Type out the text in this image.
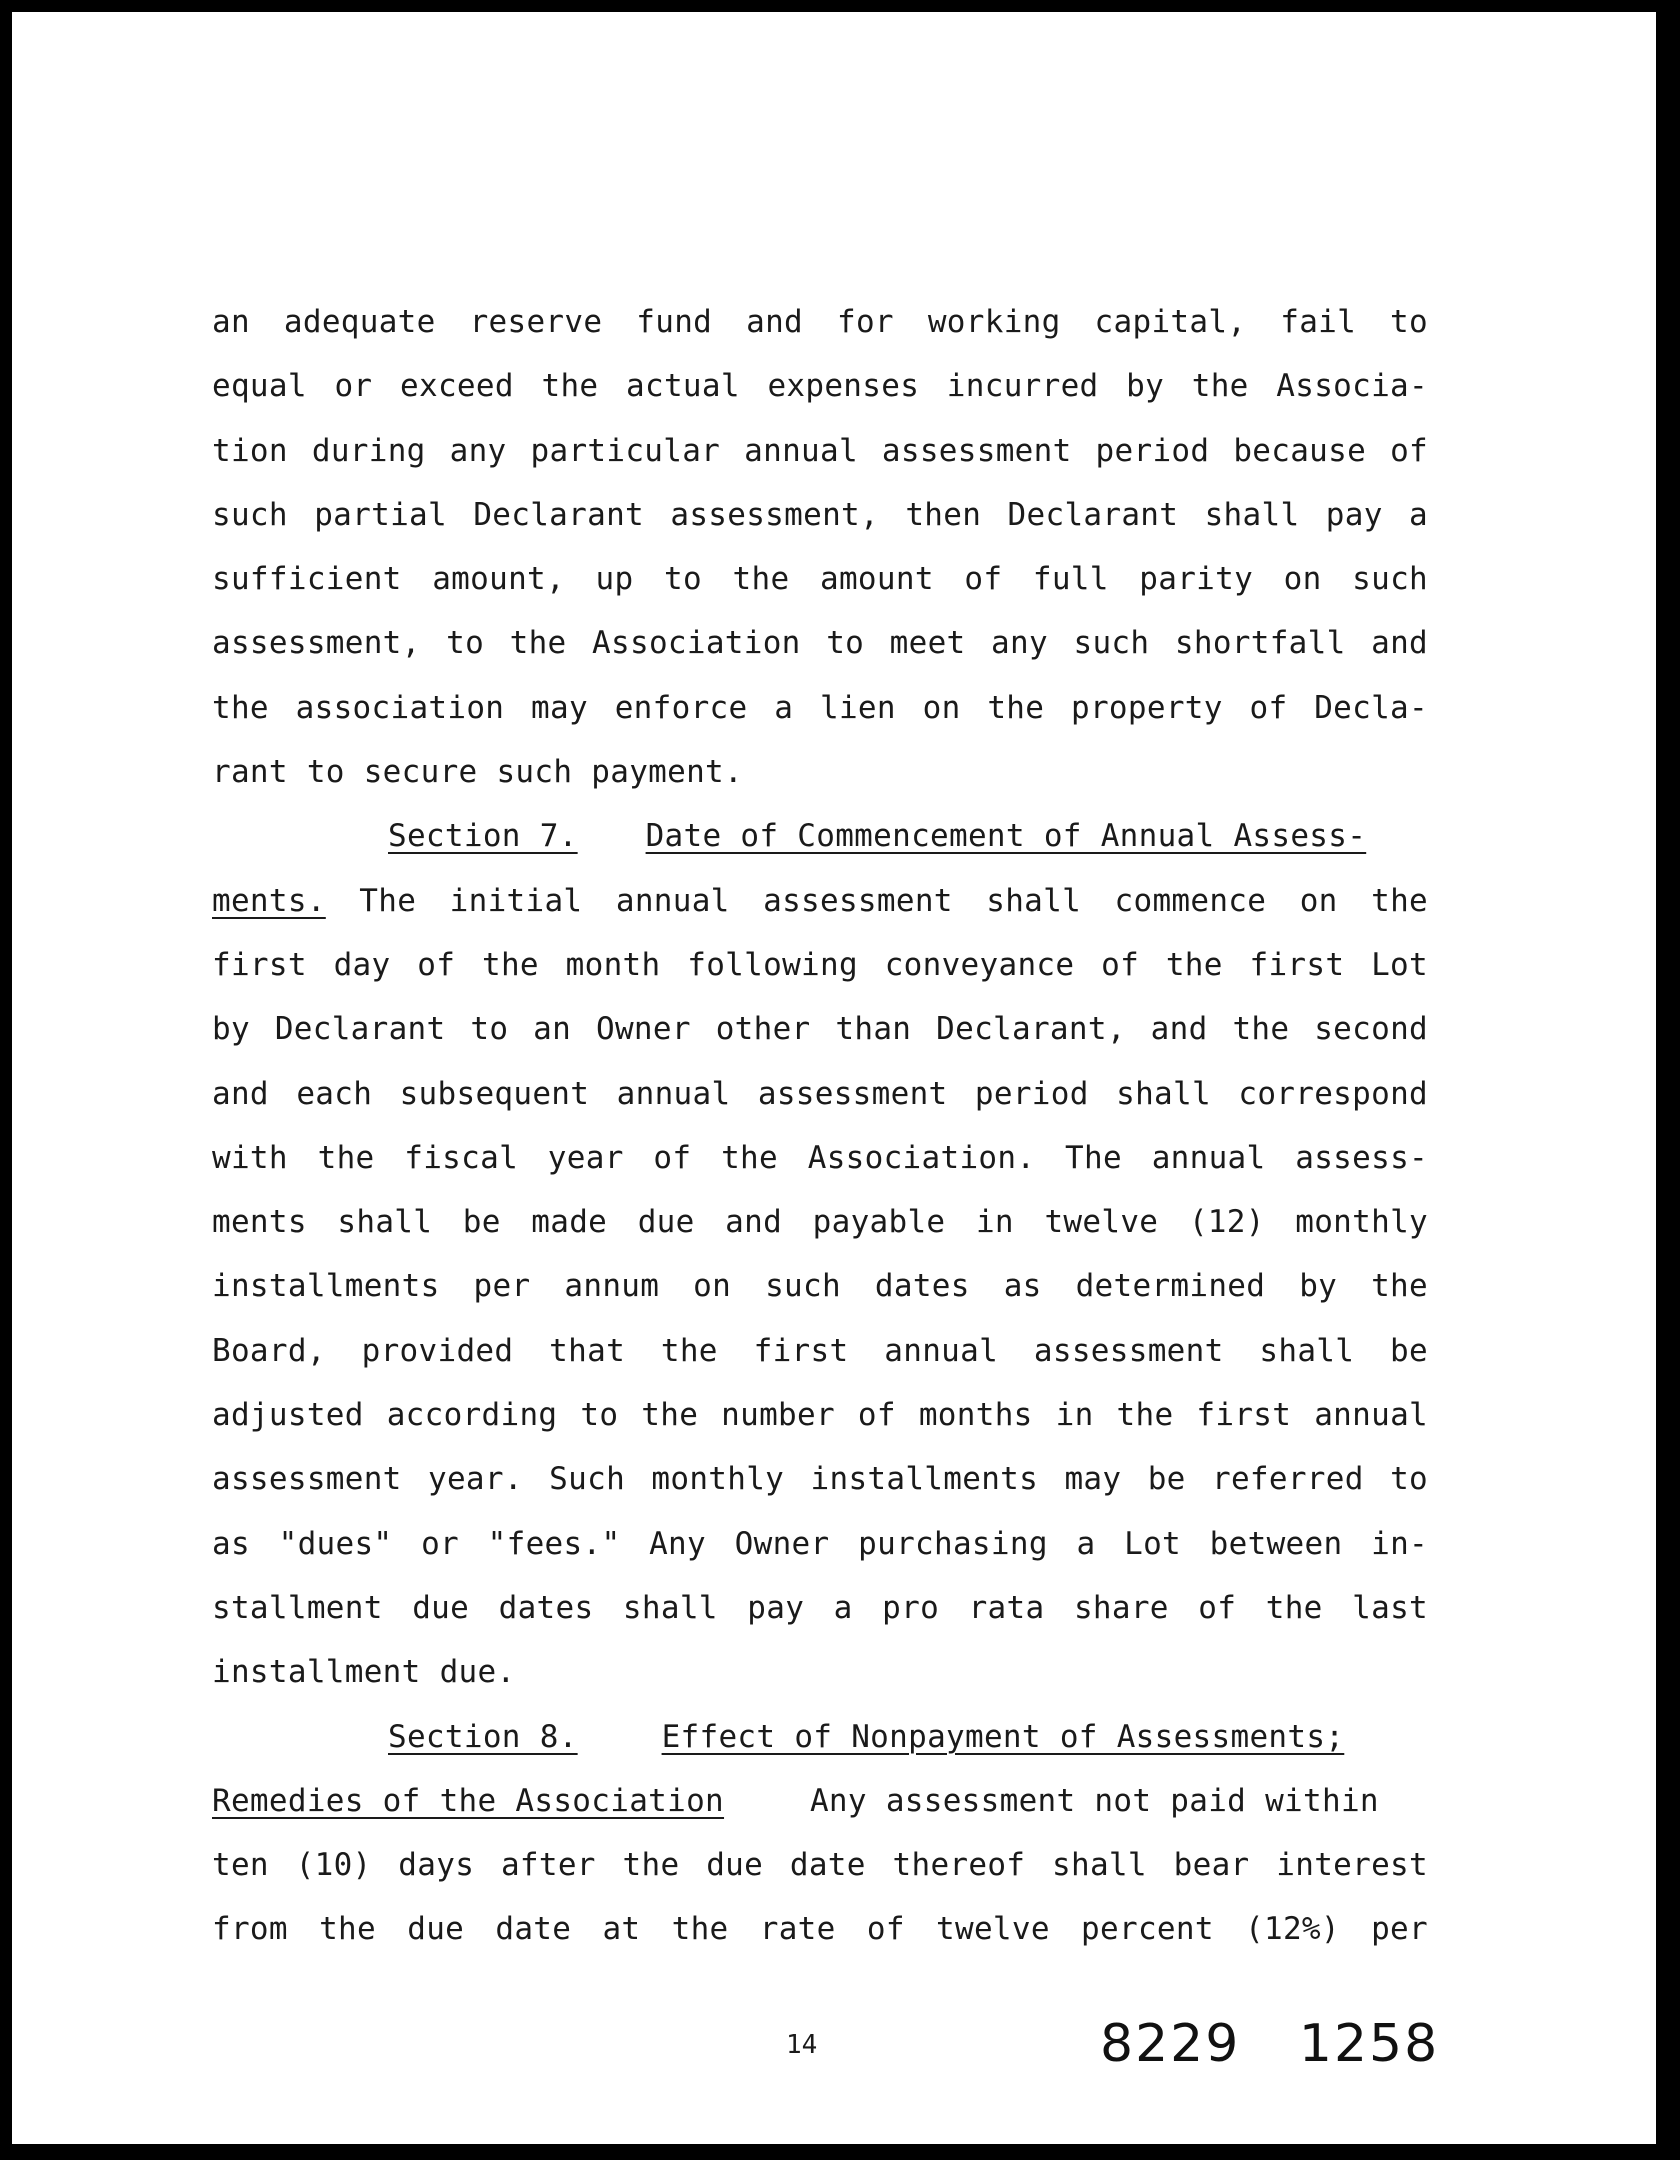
an adequate reserve fund and for working capital, fail to
equal or exceed the actual expenses incurred by the Associa-
tion during any particular annual assessment period because of
such partial Declarant assessment, then Declarant shall pay a
sufficient amount, up to the amount of full parity on such
assessment, to the Association to meet any such shortfall and
the association may enforce a lien on the property of Decla-
rant to secure such payment.
Section 7. Date of Commencement of Annual Assess-
ments. The initial annual assessment shall commence on the
first day of the month following conveyance of the first Lot
by Declarant to an Owner other than Declarant, and the second
and each subsequent annual assessment period shall correspond
with the fiscal year of the Association. The annual assess-
ments shall be made due and payable in twelve (12) monthly
installments per annum on such dates as determined by the
Board, provided that the first annual assessment shall be
adjusted according to the number of months in the first annual
assessment year. Such monthly installments may be referred to
as "dues" or "fees." Any Owner purchasing a Lot between in-
stallment due dates shall pay a pro rata share of the last
installment due.
Section 8.	Effect of Nonpayment of Assessments;
Remedies of the Association	Any assessment not paid within
ten (10) days after the due date thereof shall bear interest
from the due date at the rate of twelve percent (12%) per
14	8229 1258
